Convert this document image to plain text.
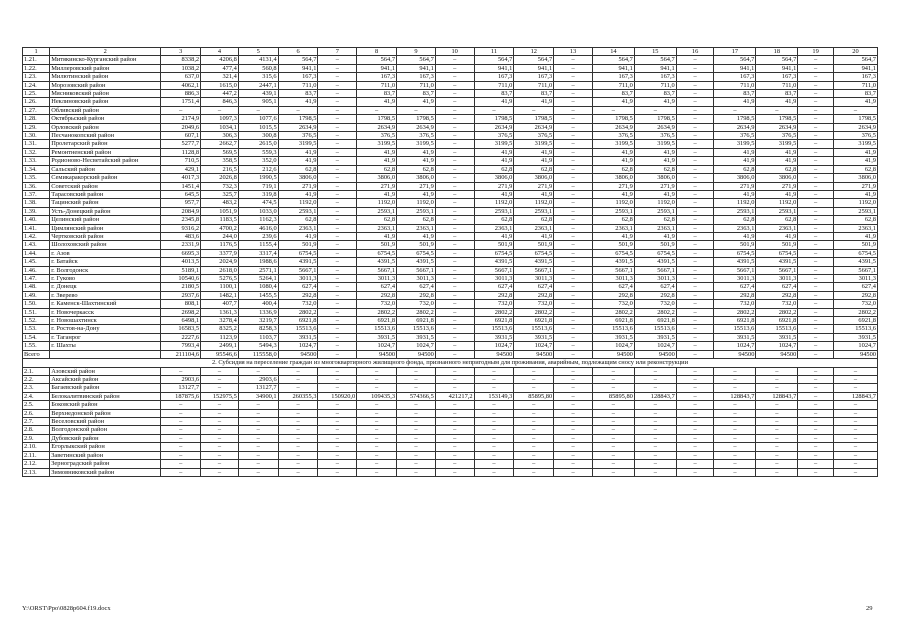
1	2	3	4	5	6	7	8	9	10	11	12	13	14	15	16	17	18	19	20
1.21.	Митякинско-Курганский район	8338,2	4206,8	4131,4	564,7	–	564,7	564,7	–	564,7	564,7	–	564,7	564,7	–	564,7	564,7	–	564,7
1.22.	Миллеровский район	1038,2	477,4	560,8	941,1	–	941,1	941,1	–	941,1	941,1	–	941,1	941,1	–	941,1	941,1	–	941,1
1.23.	Милютинский район	637,0	321,4	315,6	167,3	–	167,3	167,3	–	167,3	167,3	–	167,3	167,3	–	167,3	167,3	–	167,3
1.24.	Морозовский район	4062,1	1615,0	2447,1	711,0	–	711,0	711,0	–	711,0	711,0	–	711,0	711,0	–	711,0	711,0	–	711,0
1.25.	Мясниковский район	886,3	447,2	439,1	83,7	–	83,7	83,7	–	83,7	83,7	–	83,7	83,7	–	83,7	83,7	–	83,7
1.26.	Неклиновский район	1751,4	846,3	905,1	41,9	–	41,9	41,9	–	41,9	41,9	–	41,9	41,9	–	41,9	41,9	–	41,9
1.27.	Обливский район	–	–	–	–	–	–	–	–	–	–	–	–	–	–	–	–	–	–
1.28.	Октябрьский район	2174,9	1097,3	1077,6	1798,5	–	1798,5	1798,5	–	1798,5	1798,5	–	1798,5	1798,5	–	1798,5	1798,5	–	1798,5
1.29.	Орловский район	2049,6	1034,1	1015,5	2634,9	–	2634,9	2634,9	–	2634,9	2634,9	–	2634,9	2634,9	–	2634,9	2634,9	–	2634,9
1.30.	Песчанокопский район	607,1	306,3	300,8	376,5	–	376,5	376,5	–	376,5	376,5	–	376,5	376,5	–	376,5	376,5	–	376,5
1.31.	Пролетарский район	5277,7	2662,7	2615,0	3199,5	–	3199,5	3199,5	–	3199,5	3199,5	–	3199,5	3199,5	–	3199,5	3199,5	–	3199,5
1.32.	Ремонтненский район	1128,8	569,5	559,3	41,9	–	41,9	41,9	–	41,9	41,9	–	41,9	41,9	–	41,9	41,9	–	41,9
1.33.	Родионово-Несветайский район	710,5	358,5	352,0	41,9	–	41,9	41,9	–	41,9	41,9	–	41,9	41,9	–	41,9	41,9	–	41,9
1.34.	Сальский район	429,1	216,5	212,6	62,8	–	62,8	62,8	–	62,8	62,8	–	62,8	62,8	–	62,8	62,8	–	62,8
1.35.	Семикаракорский район	4017,3	2026,8	1990,5	3806,0	–	3806,0	3806,0	–	3806,0	3806,0	–	3806,0	3806,0	–	3806,0	3806,0	–	3806,0
1.36.	Советский район	1451,4	732,3	719,1	271,9	–	271,9	271,9	–	271,9	271,9	–	271,9	271,9	–	271,9	271,9	–	271,9
1.37.	Тарасовский район	645,5	325,7	319,8	41,9	–	41,9	41,9	–	41,9	41,9	–	41,9	41,9	–	41,9	41,9	–	41,9
1.38.	Тацинский район	957,7	483,2	474,5	1192,0	–	1192,0	1192,0	–	1192,0	1192,0	–	1192,0	1192,0	–	1192,0	1192,0	–	1192,0
1.39.	Усть-Донецкий район	2084,9	1051,9	1033,0	2593,1	–	2593,1	2593,1	–	2593,1	2593,1	–	2593,1	2593,1	–	2593,1	2593,1	–	2593,1
1.40.	Целинский район	2345,8	1183,5	1162,3	62,8	–	62,8	62,8	–	62,8	62,8	–	62,8	62,8	–	62,8	62,8	–	62,8
1.41.	Цимлянский район	9316,2	4700,2	4616,0	2363,1	–	2363,1	2363,1	–	2363,1	2363,1	–	2363,1	2363,1	–	2363,1	2363,1	–	2363,1
1.42.	Чертковский район	483,6	244,0	239,6	41,9	–	41,9	41,9	–	41,9	41,9	–	41,9	41,9	–	41,9	41,9	–	41,9
1.43.	Шолоховский район	2331,9	1176,5	1155,4	501,9	–	501,9	501,9	–	501,9	501,9	–	501,9	501,9	–	501,9	501,9	–	501,9
1.44.	г. Азов	6695,3	3377,9	3317,4	6754,5	–	6754,5	6754,5	–	6754,5	6754,5	–	6754,5	6754,5	–	6754,5	6754,5	–	6754,5
1.45.	г. Батайск	4013,5	2024,9	1988,6	4391,5	–	4391,5	4391,5	–	4391,5	4391,5	–	4391,5	4391,5	–	4391,5	4391,5	–	4391,5
1.46.	г. Волгодонск	5189,1	2618,0	2571,1	5667,1	–	5667,1	5667,1	–	5667,1	5667,1	–	5667,1	5667,1	–	5667,1	5667,1	–	5667,1
1.47.	г. Гуково	10540,6	5276,5	5264,1	3011,3	–	3011,3	3011,3	–	3011,3	3011,3	–	3011,3	3011,3	–	3011,3	3011,3	–	3011,3
1.48.	г. Донецк	2180,5	1100,1	1080,4	627,4	–	627,4	627,4	–	627,4	627,4	–	627,4	627,4	–	627,4	627,4	–	627,4
1.49.	г. Зверево	2937,6	1482,1	1455,5	292,8	–	292,8	292,8	–	292,8	292,8	–	292,8	292,8	–	292,8	292,8	–	292,8
1.50.	г. Каменск-Шахтинский	808,1	407,7	400,4	732,0	–	732,0	732,0	–	732,0	732,0	–	732,0	732,0	–	732,0	732,0	–	732,0
1.51.	г. Новочеркасск	2698,2	1361,3	1336,9	2802,2	–	2802,2	2802,2	–	2802,2	2802,2	–	2802,2	2802,2	–	2802,2	2802,2	–	2802,2
1.52.	г. Новошахтинск	6498,1	3278,4	3219,7	6921,8	–	6921,8	6921,8	–	6921,8	6921,8	–	6921,8	6921,8	–	6921,8	6921,8	–	6921,8
1.53.	г. Ростов-на-Дону	16583,5	8325,2	8258,3	15513,6	–	15513,6	15513,6	–	15513,6	15513,6	–	15513,6	15513,6	–	15513,6	15513,6	–	15513,6
1.54.	г. Таганрог	2227,6	1123,9	1103,7	3931,5	–	3931,5	3931,5	–	3931,5	3931,5	–	3931,5	3931,5	–	3931,5	3931,5	–	3931,5
1.55.	г. Шахты	7993,4	2499,1	5494,3	1024,7	–	1024,7	1024,7	–	1024,7	1024,7	–	1024,7	1024,7	–	1024,7	1024,7	–	1024,7
Всего		211104,6	95546,6	115558,0	94500	–	94500	94500	–	94500	94500	–	94500	94500	–	94500	94500	–	94500
2. Субсидия на переселение граждан из многоквартирного жилищного фонда, признанного непригодным для проживания, аварийным, подлежащим сносу или реконструкции																			
2.1.	Азовский район	–	–	–	–	–	–	–	–	–	–	–	–	–	–	–	–	–	–
2.2.	Аксайский район	2903,6	–	2903,6	–	–	–	–	–	–	–	–	–	–	–	–	–	–	–
2.3.	Багаевский район	13127,7	–	13127,7	–	–	–	–	–	–	–	–	–	–	–	–	–	–	–
2.4.	Белокалитвинский район	187875,6	152975,5	34900,1	260355,3	150920,0	109435,3	574366,5	421217,2	153149,3	85895,80	–	85895,80	128843,7	–	128843,7	128843,7	–	128843,7
2.5.	Боковский район	–	–	–	–	–	–	–	–	–	–	–	–	–	–	–	–	–	–
2.6.	Верхнедонской район	–	–	–	–	–	–	–	–	–	–	–	–	–	–	–	–	–	–
2.7.	Веселовский район	–	–	–	–	–	–	–	–	–	–	–	–	–	–	–	–	–	–
2.8.	Волгодонской район	–	–	–	–	–	–	–	–	–	–	–	–	–	–	–	–	–	–
2.9.	Дубовский район	–	–	–	–	–	–	–	–	–	–	–	–	–	–	–	–	–	–
2.10.	Егорлыкский район	–	–	–	–	–	–	–	–	–	–	–	–	–	–	–	–	–	–
2.11.	Заветинский район	–	–	–	–	–	–	–	–	–	–	–	–	–	–	–	–	–	–
2.12.	Зерноградский район	–	–	–	–	–	–	–	–	–	–	–	–	–	–	–	–	–	–
2.13.	Зимовниковский район	–	–	–	–	–	–	–	–	–	–	–	–	–	–	–	–	–	–
Y:\ORST\Ppo\0828p604.f19.docx	29
